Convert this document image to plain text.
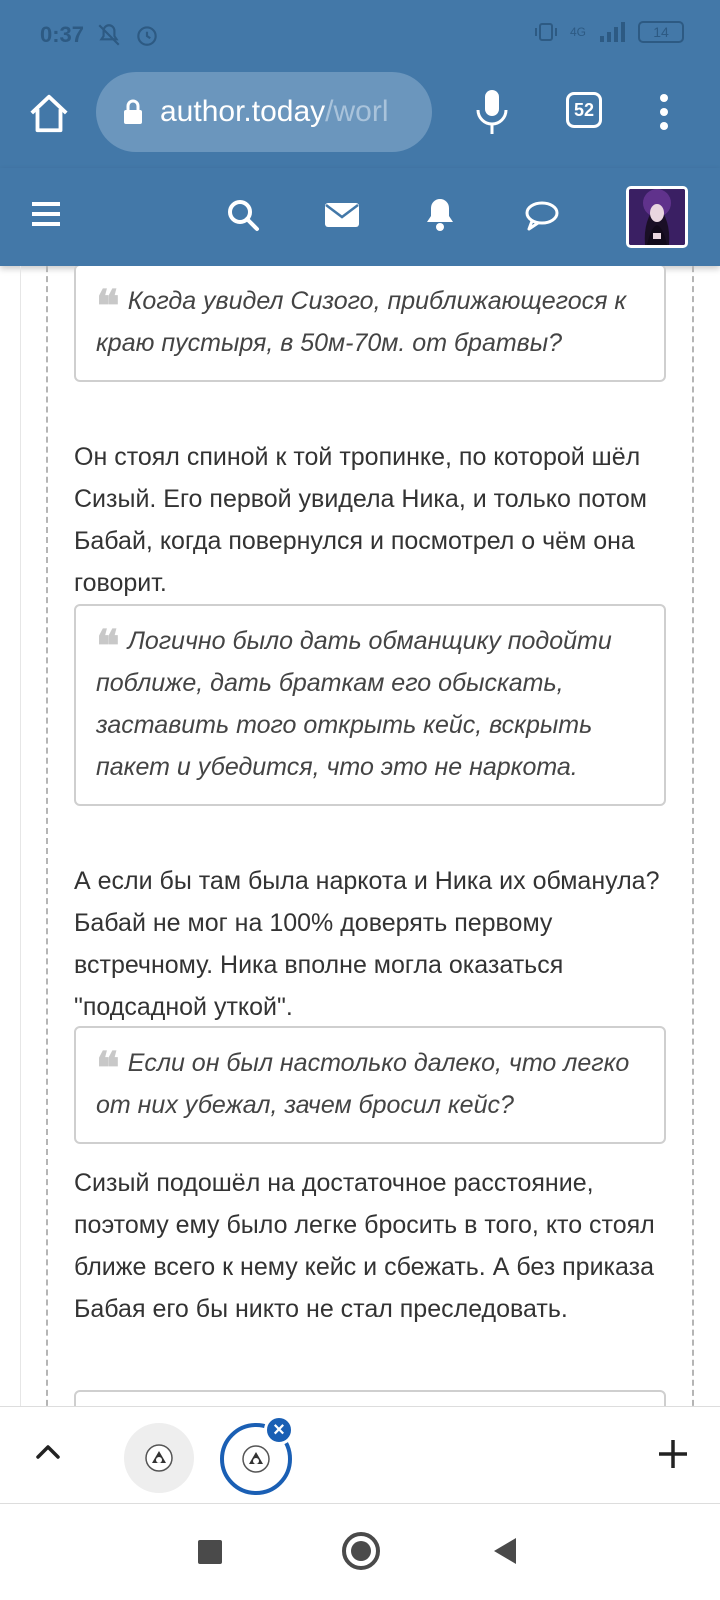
0:37	4G	14
author.today/worl	52
❝ Когда увидел Сизого, приближающегося к краю пустыря, в 50м-70м. от братвы?
Он стоял спиной к той тропинке, по которой шёл Сизый. Его первой увидела Ника, и только потом Бабай, когда повернулся и посмотрел о чём она говорит.
❝ Логично было дать обманщику подойти поближе, дать браткам его обыскать, заставить того открыть кейс, вскрыть пакет и убедится, что это не наркота.
А если бы там была наркота и Ника их обманула? Бабай не мог на 100% доверять первому встречному. Ника вполне могла оказаться "подсадной уткой".
❝ Если он был настолько далеко, что легко от них убежал, зачем бросил кейс?
Сизый подошёл на достаточное расстояние, поэтому ему было легке бросить в того, кто стоял ближе всего к нему кейс и сбежать. А без приказа Бабая его бы никто не стал преследовать.
×
